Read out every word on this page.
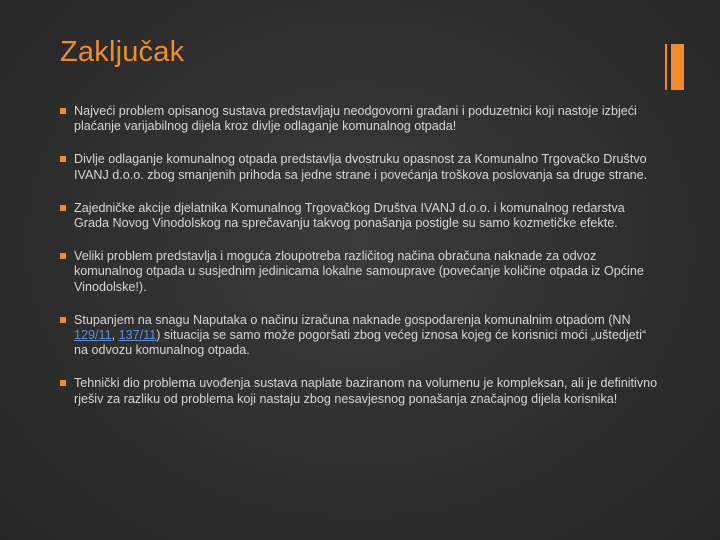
Zaključak
Najveći problem opisanog sustava predstavljaju neodgovorni građani i poduzetnici koji nastoje izbjeći plaćanje varijabilnog dijela kroz divlje odlaganje komunalnog otpada!
Divlje odlaganje komunalnog otpada predstavlja dvostruku opasnost za Komunalno Trgovačko Društvo IVANJ d.o.o. zbog smanjenih prihoda sa jedne strane i povećanja troškova poslovanja sa druge strane.
Zajedničke akcije djelatnika Komunalnog Trgovačkog Društva IVANJ d.o.o. i komunalnog redarstva Grada Novog Vinodolskog na sprečavanju takvog ponašanja postigle su samo kozmetičke efekte.
Veliki problem predstavlja i moguća zloupotreba različitog načina obračuna naknade za odvoz komunalnog otpada u susjednim jedinicama lokalne samouprave (povećanje količine otpada iz Općine Vinodolske!).
Stupanjem na snagu Naputaka o načinu izračuna naknade gospodarenja komunalnim otpadom (NN 129/11, 137/11) situacija se samo može pogoršati zbog većeg iznosa kojeg će korisnici moći „uštedjeti“ na odvozu komunalnog otpada.
Tehnički dio problema uvođenja sustava naplate baziranom na volumenu je kompleksan, ali je definitivno rješiv za razliku od problema koji nastaju zbog nesavjesnog ponašanja značajnog dijela korisnika!
